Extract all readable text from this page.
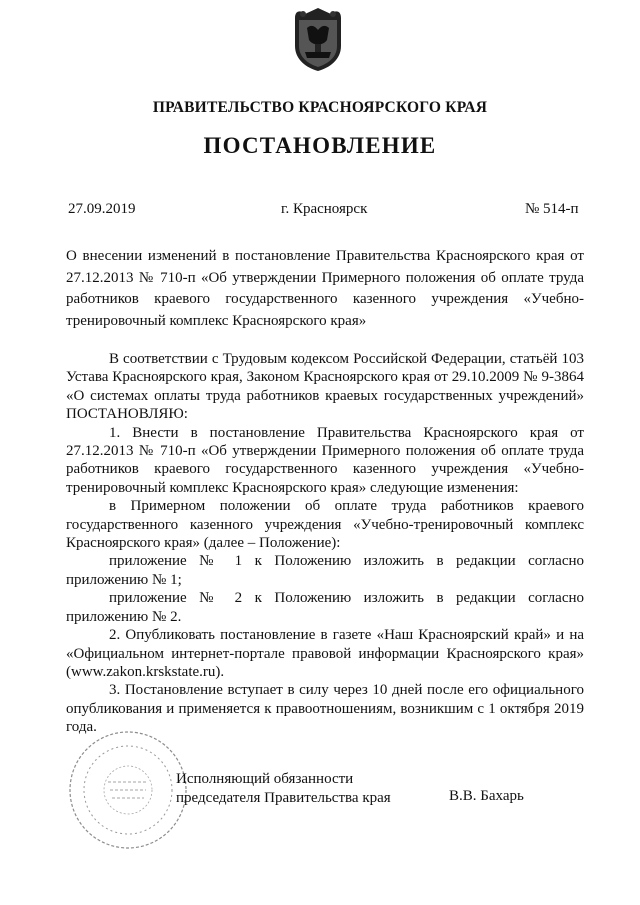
ПРАВИТЕЛЬСТВО КРАСНОЯРСКОГО КРАЯ
ПОСТАНОВЛЕНИЕ
27.09.2019	г. Красноярск	№ 514-п

О внесении изменений в постановление Правительства Красноярского края от 27.12.2013 № 710-п «Об утверждении Примерного положения об оплате труда работников краевого государственного казенного учреждения «Учебно-тренировочный комплекс Красноярского края»

В соответствии с Трудовым кодексом Российской Федерации, статьёй 103 Устава Красноярского края, Законом Красноярского края от 29.10.2009 № 9-3864 «О системах оплаты труда работников краевых государственных учреждений» ПОСТАНОВЛЯЮ:

1. Внести в постановление Правительства Красноярского края от 27.12.2013 № 710-п «Об утверждении Примерного положения об оплате труда работников краевого государственного казенного учреждения «Учебно-тренировочный комплекс Красноярского края» следующие изменения:

в Примерном положении об оплате труда работников краевого государственного казенного учреждения «Учебно-тренировочный комплекс Красноярского края» (далее – Положение):

приложение № 1 к Положению изложить в редакции согласно приложению № 1;

приложение № 2 к Положению изложить в редакции согласно приложению № 2.

2. Опубликовать постановление в газете «Наш Красноярский край» и на «Официальном интернет-портале правовой информации Красноярского края» (www.zakon.krskstate.ru).

3. Постановление вступает в силу через 10 дней после его официального опубликования и применяется к правоотношениям, возникшим с 1 октября 2019 года.

Исполняющий обязанности
председателя Правительства края	В.В. Бахарь
